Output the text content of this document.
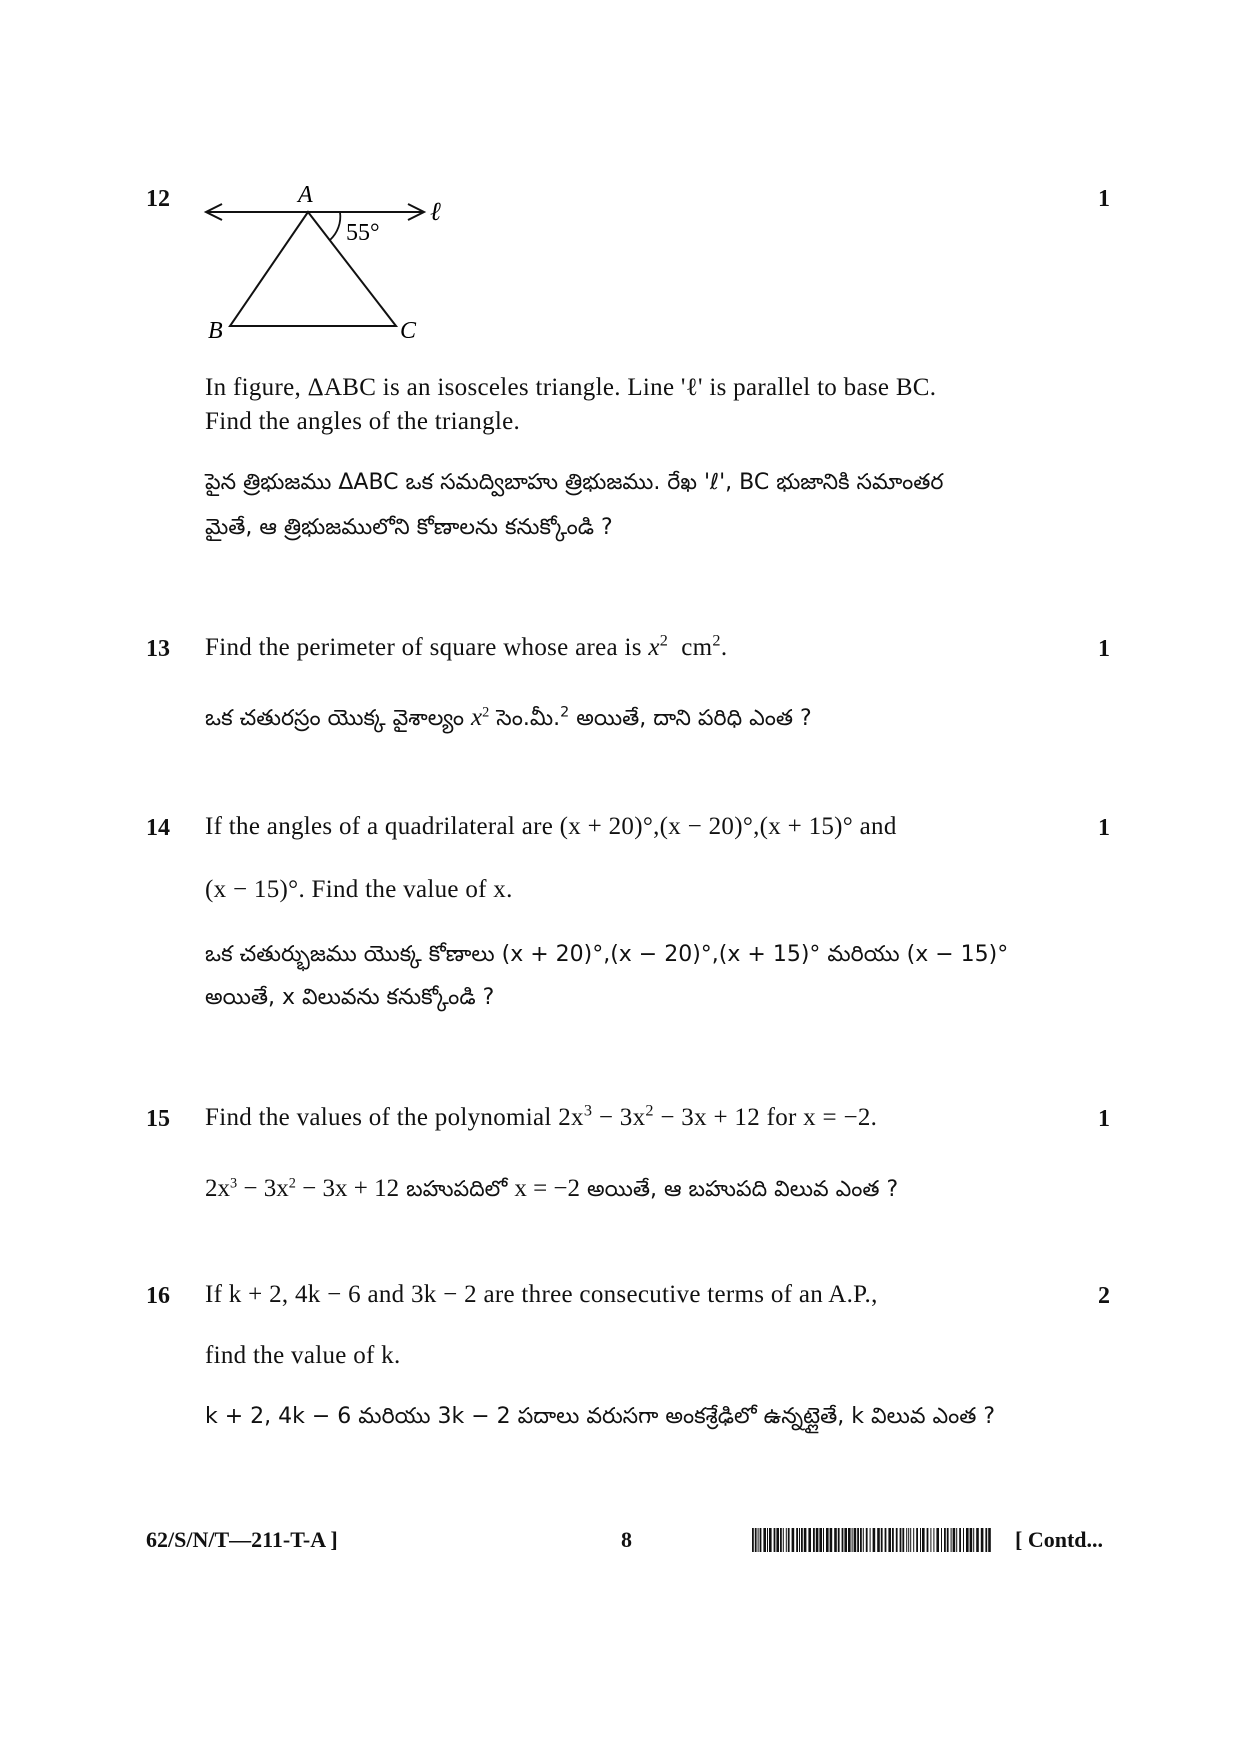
12	1
A
55°
ℓ
B	C
In figure, ΔABC is an isosceles triangle. Line 'ℓ' is parallel to base BC.
Find the angles of the triangle.
పైన త్రిభుజము ΔABC ఒక సమద్విబాహు త్రిభుజము. రేఖ 'ℓ', BC భుజానికి సమాంతర
మైతే, ఆ త్రిభుజములోని కోణాలను కనుక్కోండి ?
13	1
Find the perimeter of square whose area is $x^2$ $cm^2$.
ఒక చతురస్రం యొక్క వైశాల్యం $x^2$ సెం.మీ.$^2$ అయితే, దాని పరిధి ఎంత ?
14	1
If the angles of a quadrilateral are (x + 20)°,(x − 20)°,(x + 15)° and
(x − 15)°. Find the value of x.
ఒక చతుర్భుజము యొక్క కోణాలు (x + 20)°,(x − 20)°,(x + 15)° మరియు (x − 15)°
అయితే, x విలువను కనుక్కోండి ?
15	1
Find the values of the polynomial $2x^3 - 3x^2 - 3x + 12$ for x = −2.
$2x^3 - 3x^2 - 3x + 12$ బహుపదిలో x = −2 అయితే, ఆ బహుపది విలువ ఎంత ?
16	2
If k + 2, 4k − 6 and 3k − 2 are three consecutive terms of an A.P.,
find the value of k.
k + 2, 4k − 6 మరియు 3k − 2 పదాలు వరుసగా అంకశ్రేఢిలో ఉన్నట్లైతే, k విలువ ఎంత ?
62/S/N/T—211-T-A ]	8	[ Contd...
